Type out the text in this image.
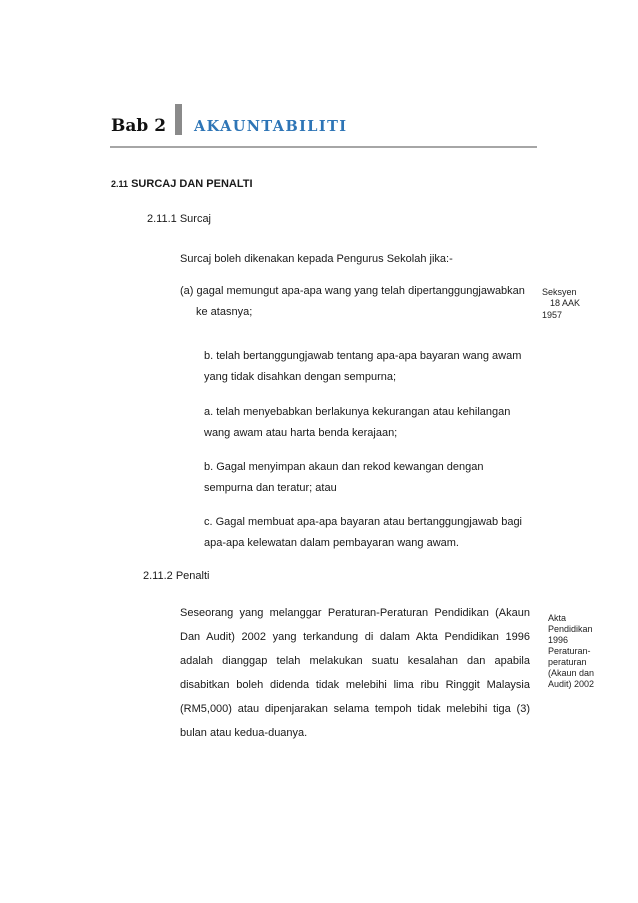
Bab 2 AKAUNTABILITI
2.11 SURCAJ DAN PENALTI
2.11.1 Surcaj
Surcaj boleh dikenakan kepada Pengurus Sekolah jika:-
(a) gagal memungut apa-apa wang yang telah dipertanggungjawabkan
ke atasnya;
b. telah bertanggungjawab tentang apa-apa bayaran wang awam
yang tidak disahkan dengan sempurna;
a. telah menyebabkan berlakunya kekurangan atau kehilangan
wang awam atau harta benda kerajaan;
b. Gagal menyimpan akaun dan rekod kewangan dengan
sempurna dan teratur; atau
c. Gagal membuat apa-apa bayaran atau bertanggungjawab bagi
apa-apa kelewatan dalam pembayaran wang awam.
Seksyen
18 AAK
1957
2.11.2 Penalti
Seseorang yang melanggar Peraturan-Peraturan Pendidikan (Akaun
Dan Audit) 2002 yang terkandung di dalam Akta Pendidikan 1996
adalah dianggap telah melakukan suatu kesalahan dan apabila
disabitkan boleh didenda tidak melebihi lima ribu Ringgit Malaysia
(RM5,000) atau dipenjarakan selama tempoh tidak melebihi tiga (3)
bulan atau kedua-duanya.
Akta
Pendidikan
1996
Peraturan-
peraturan
(Akaun dan
Audit) 2002
